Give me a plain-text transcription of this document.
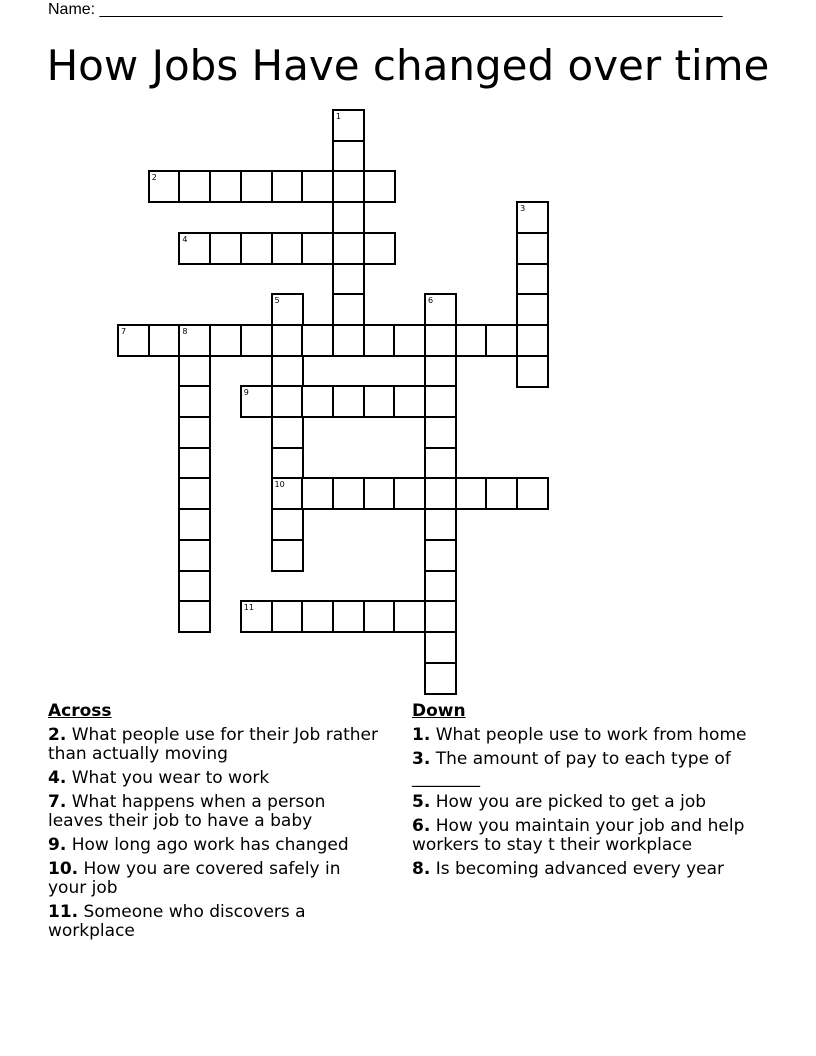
Name: ______________________________________________________________________
How Jobs Have changed over time
1
2
3
4
5
10
6
7	8
9
11
Across
2. What people use for their Job rather than actually moving
4. What you wear to work
7. What happens when a person leaves their job to have a baby
9. How long ago work has changed
10. How you are covered safely in your job
11. Someone who discovers a workplace
Down
1. What people use to work from home
3. The amount of pay to each type of ________
5. How you are picked to get a job
6. How you maintain your job and help workers to stay t their workplace
8. Is becoming advanced every year
